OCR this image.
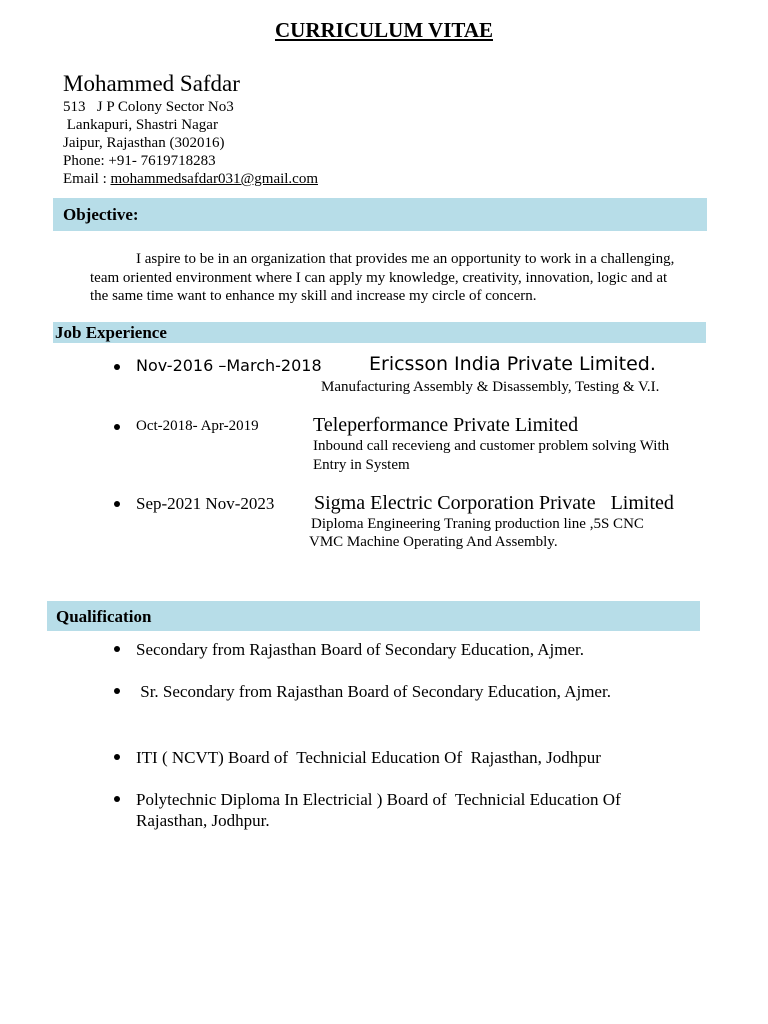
CURRICULUM VITAE
Mohammed Safdar
513   J P Colony Sector No3
Lankapuri, Shastri Nagar
Jaipur, Rajasthan (302016)
Phone: +91- 7619718283
Email : mohammedsafdar031@gmail.com
Objective:
I aspire to be in an organization that provides me an opportunity to work in a challenging, team oriented environment where I can apply my knowledge, creativity, innovation, logic and at the same time want to enhance my skill and increase my circle of concern.
Job Experience
Nov-2016 –March-2018 Ericsson India Private Limited.
Manufacturing Assembly & Disassembly, Testing & V.I.
Oct-2018- Apr-2019	Teleperformance Private Limited
Inbound call recevieng and customer problem solving With
Entry in System
Sep-2021 Nov-2023 Sigma Electric Corporation Private   Limited
Diploma Engineering Traning production line ,5S CNC
VMC Machine Operating And Assembly.
Qualification
Secondary from Rajasthan Board of Secondary Education, Ajmer.
Sr. Secondary from Rajasthan Board of Secondary Education, Ajmer.
ITI ( NCVT) Board of  Technicial Education Of  Rajasthan, Jodhpur
Polytechnic Diploma In Electricial ) Board of  Technicial Education Of Rajasthan, Jodhpur.
